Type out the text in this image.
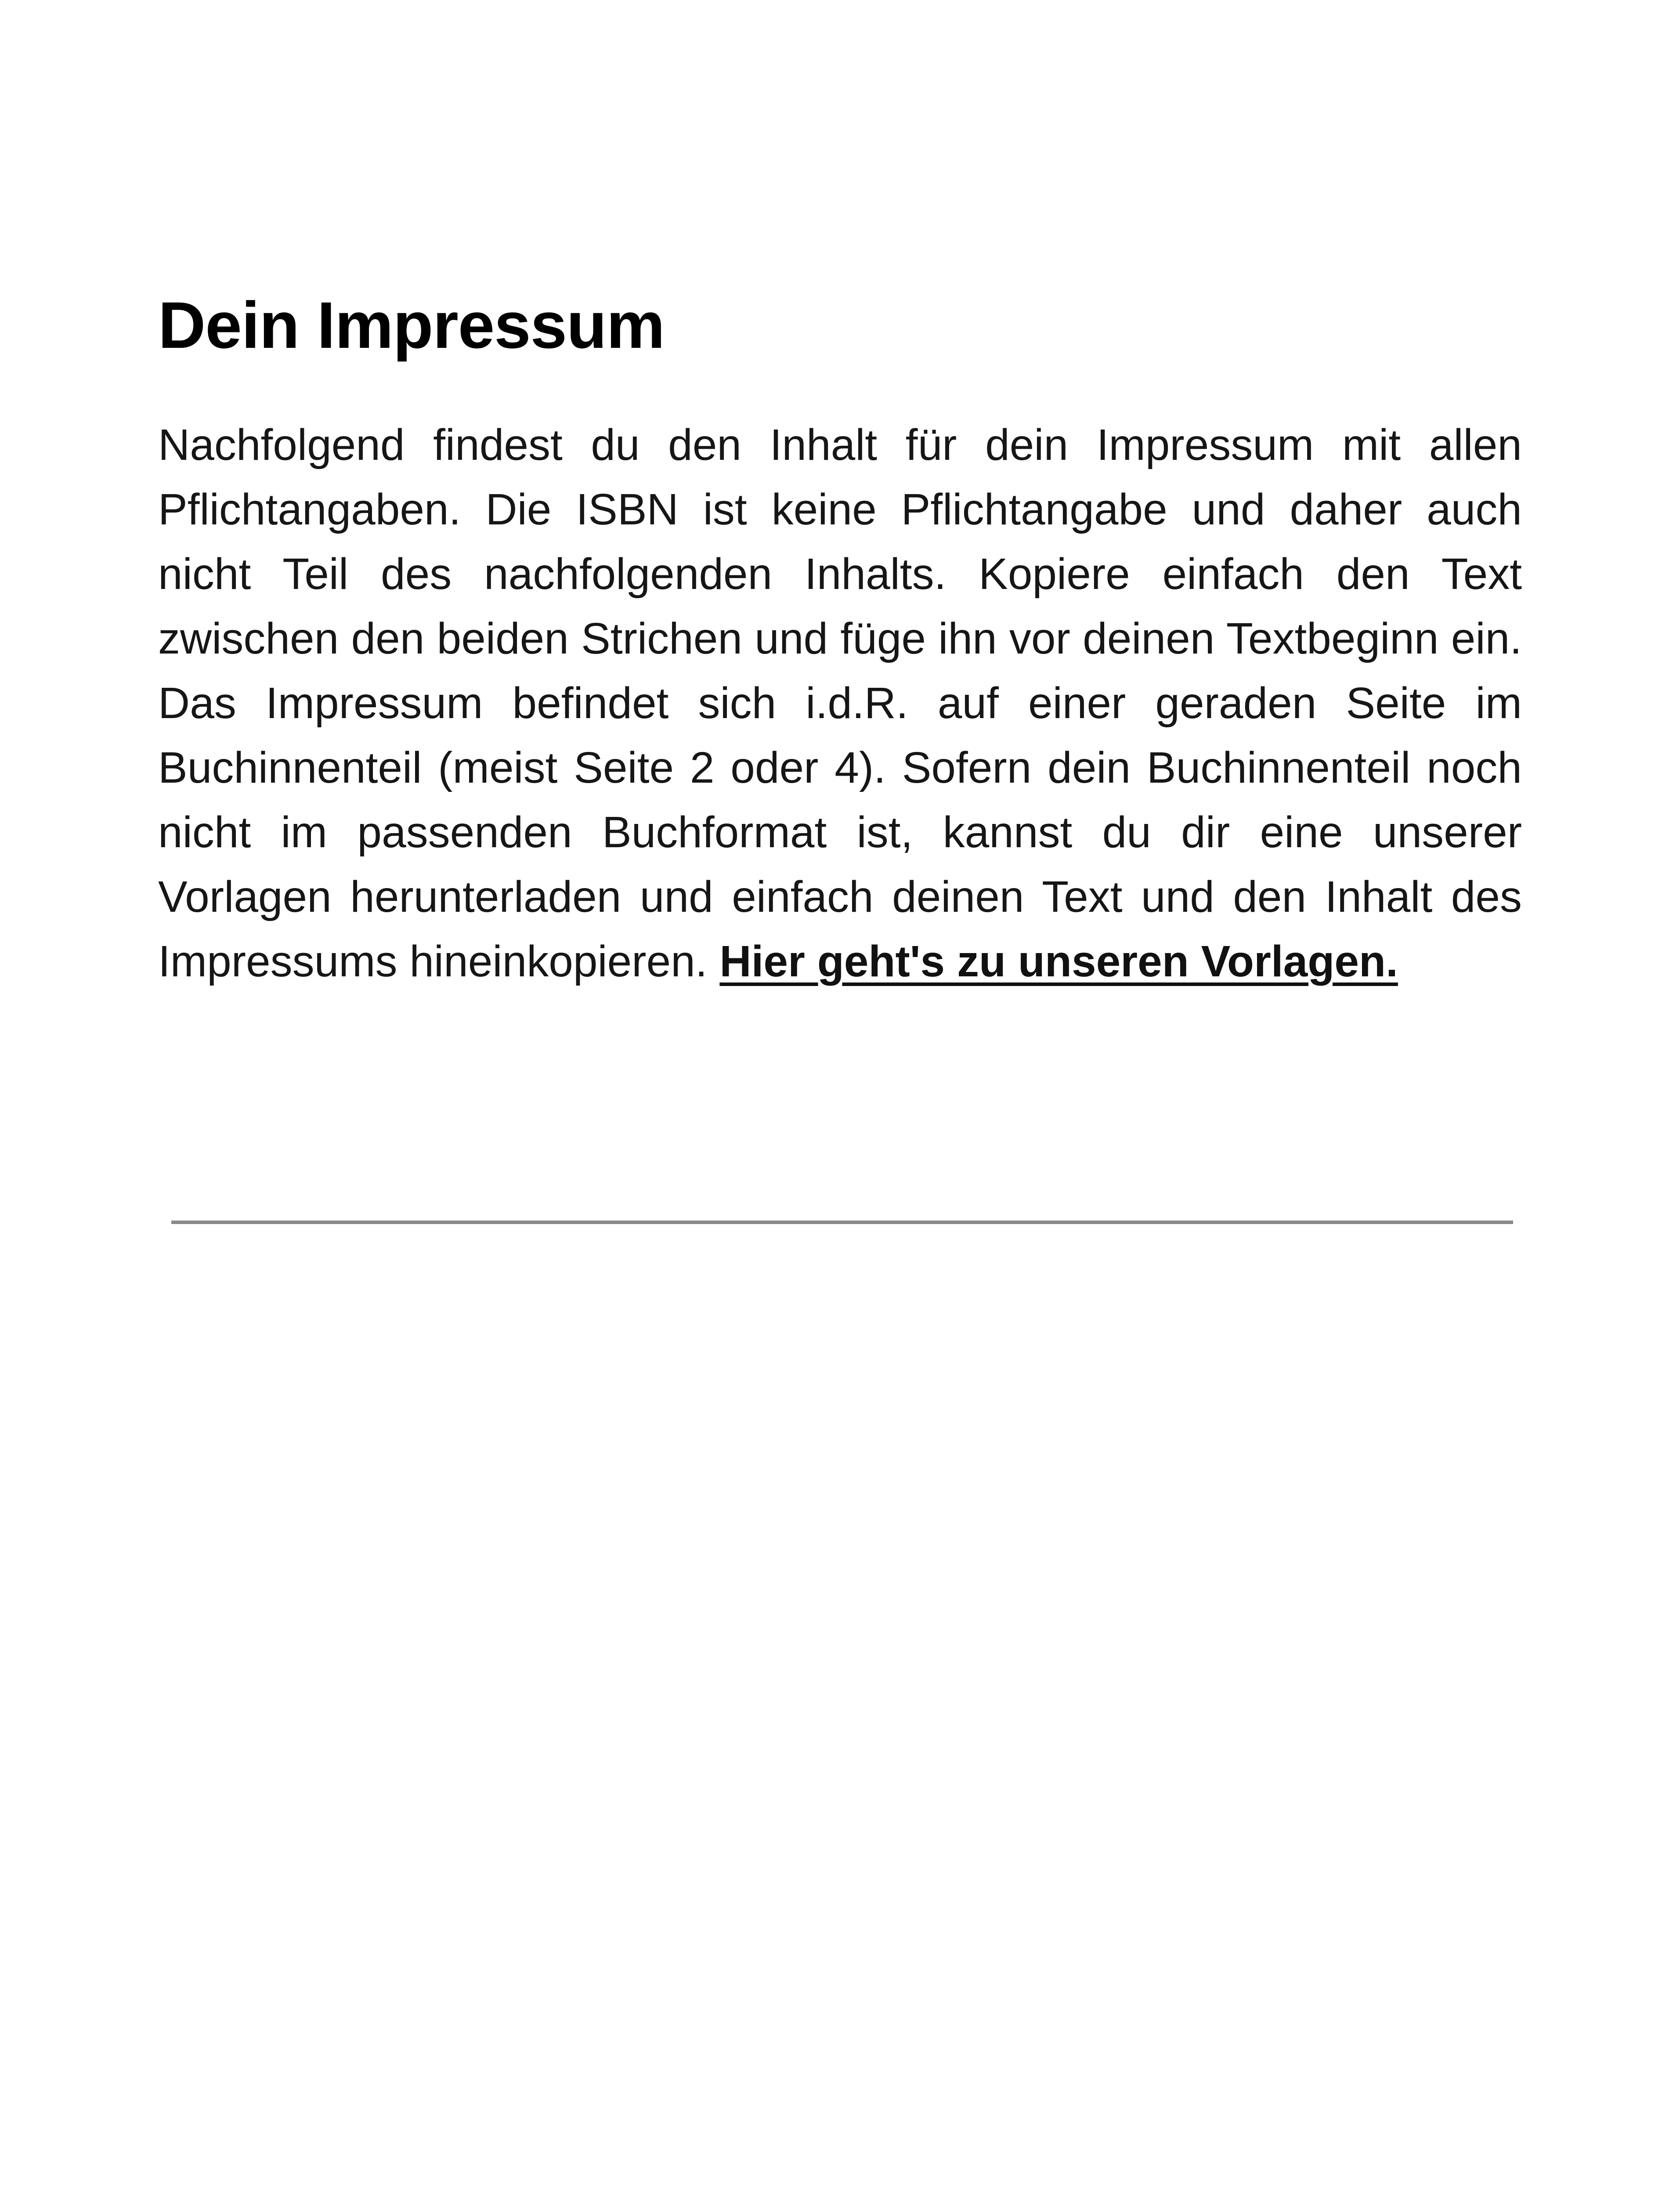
Dein Impressum

Nachfolgend findest du den Inhalt für dein Impressum mit allen Pflichtangaben. Die ISBN ist keine Pflichtangabe und daher auch nicht Teil des nachfolgenden Inhalts. Kopiere einfach den Text zwischen den beiden Strichen und füge ihn vor deinen Textbeginn ein. Das Impressum befindet sich i.d.R. auf einer geraden Seite im Buchinnenteil (meist Seite 2 oder 4). Sofern dein Buchinnenteil noch nicht im passenden Buchformat ist, kannst du dir eine unserer Vorlagen herunterladen und einfach deinen Text und den Inhalt des Impressums hineinkopieren. Hier geht's zu unseren Vorlagen.
